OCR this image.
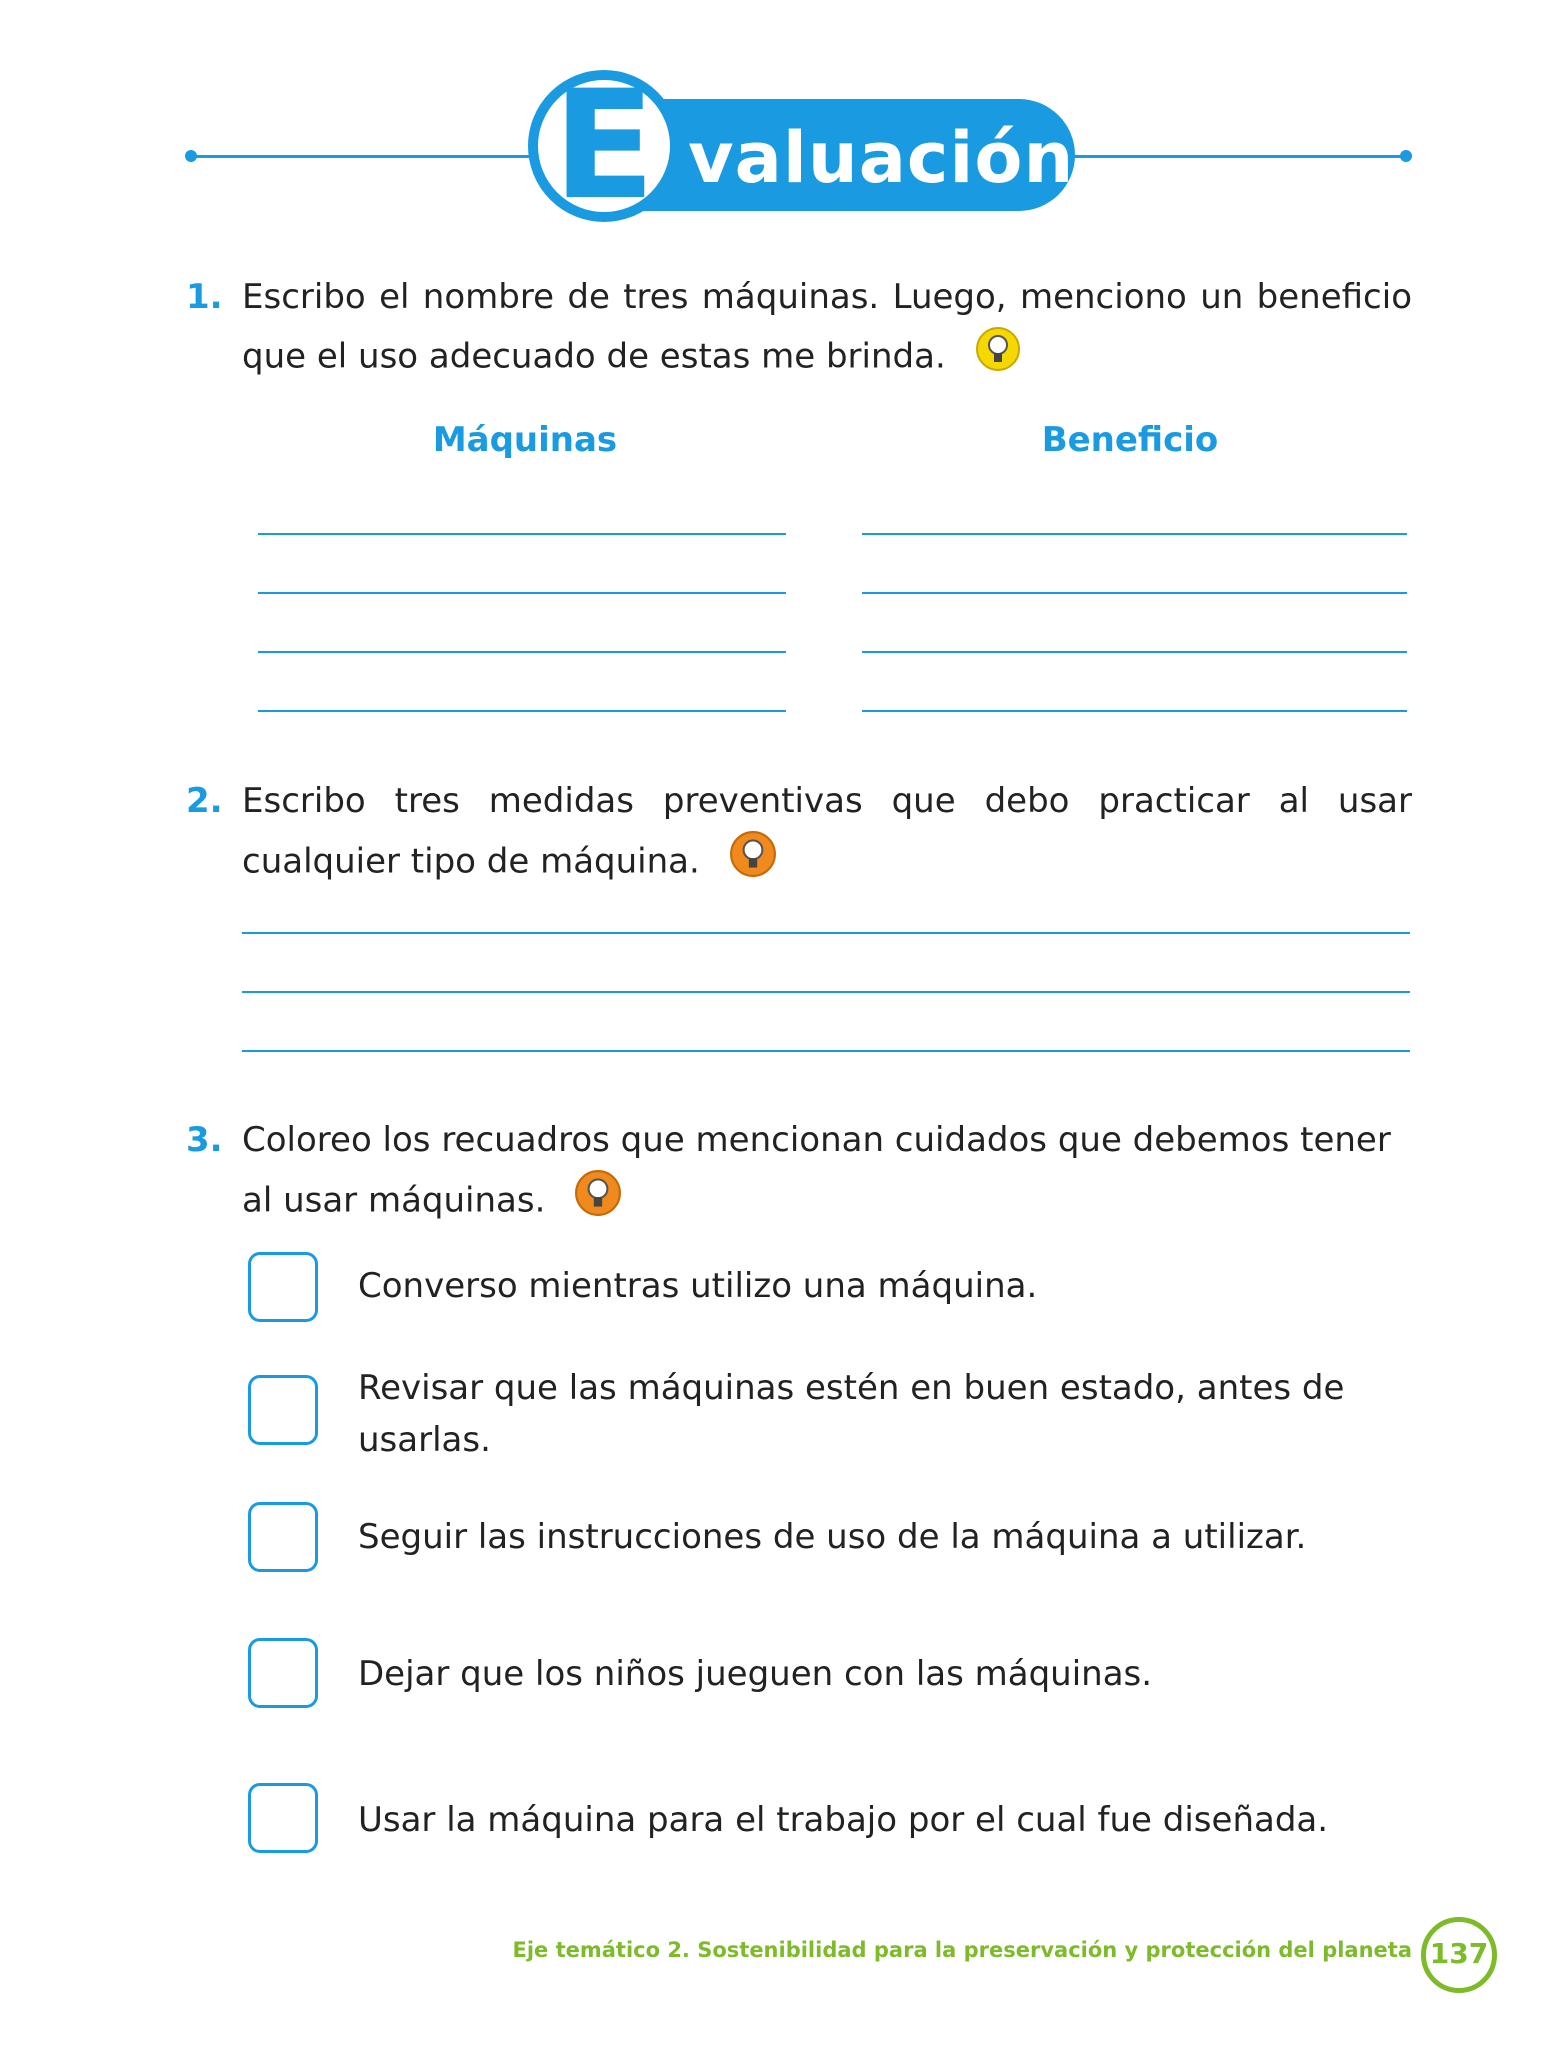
valuación
E
1. Escribo el nombre de tres máquinas. Luego, menciono un beneficio que el uso adecuado de estas me brinda.
Máquinas	Beneficio
2. Escribo tres medidas preventivas que debo practicar al usar cualquier tipo de máquina.
3. Coloreo los recuadros que mencionan cuidados que debemos tener al usar máquinas.
Converso mientras utilizo una máquina.
Revisar que las máquinas estén en buen estado, antes de usarlas.
Seguir las instrucciones de uso de la máquina a utilizar.
Dejar que los niños jueguen con las máquinas.
Usar la máquina para el trabajo por el cual fue diseñada.
Eje temático 2. Sostenibilidad para la preservación y protección del planeta 137
